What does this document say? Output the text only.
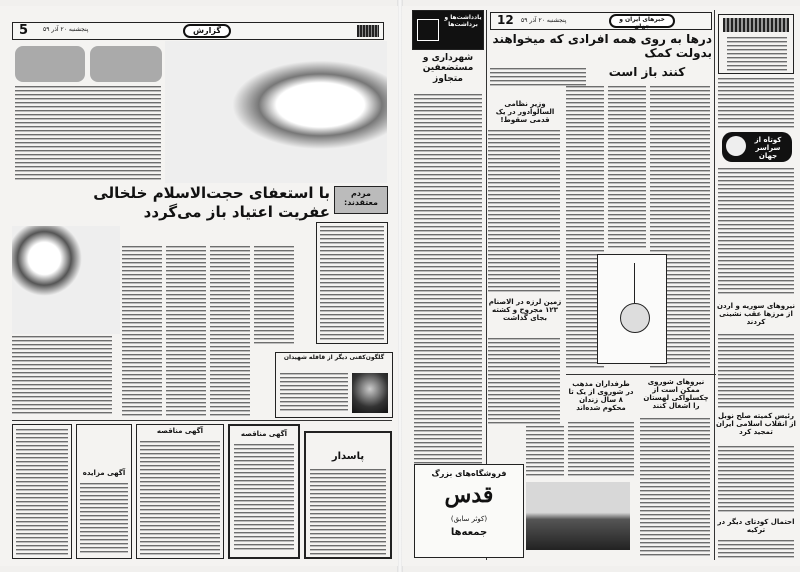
5 پنجشنبه ۲۰ آذر ۵۹	گزارش
مردم معتقدند:
با استعفای حجت‌الاسلام خلخالی
عفریت اعتیاد باز می‌گردد
گلگون‌کفنی دیگر از قافله شهیدان
آگهی مزایده
آگهی مناقصه	آگهی مناقصه
پاسدار
یادداشت‌ها و برداشت‌ها
شهرداری و مستضعفین متجاوز
12 پنجشنبه ۲۰ آذر ۵۹	خبرهای ایران و جهان
درها به روی همه افرادی که میخواهند بدولت کمک
کنند باز است
وزیر نظامی السالوادور در یک قدمی سقوط!
زمین لرزه در الاصنام ۱۲۳ مجروح و کشته بجای گذاشت
طرفداران مذهب در شوروی از یک تا ۸ سال زندان محکوم شده‌اند
نیروهای شوروی ممکن است از چکسلواکی لهستان را اشغال کنند
فروشگاه‌های بزرگ
قدس
(کوثر سابق)
جمعه‌ها
کوتاه از سراسر جهان
نیروهای سوریه و اردن از مرزها عقب نشینی کردند
رئیس کمیته صلح نوبل از انقلاب اسلامی ایران تمجید کرد
احتمال کودتای دیگر در ترکیه
